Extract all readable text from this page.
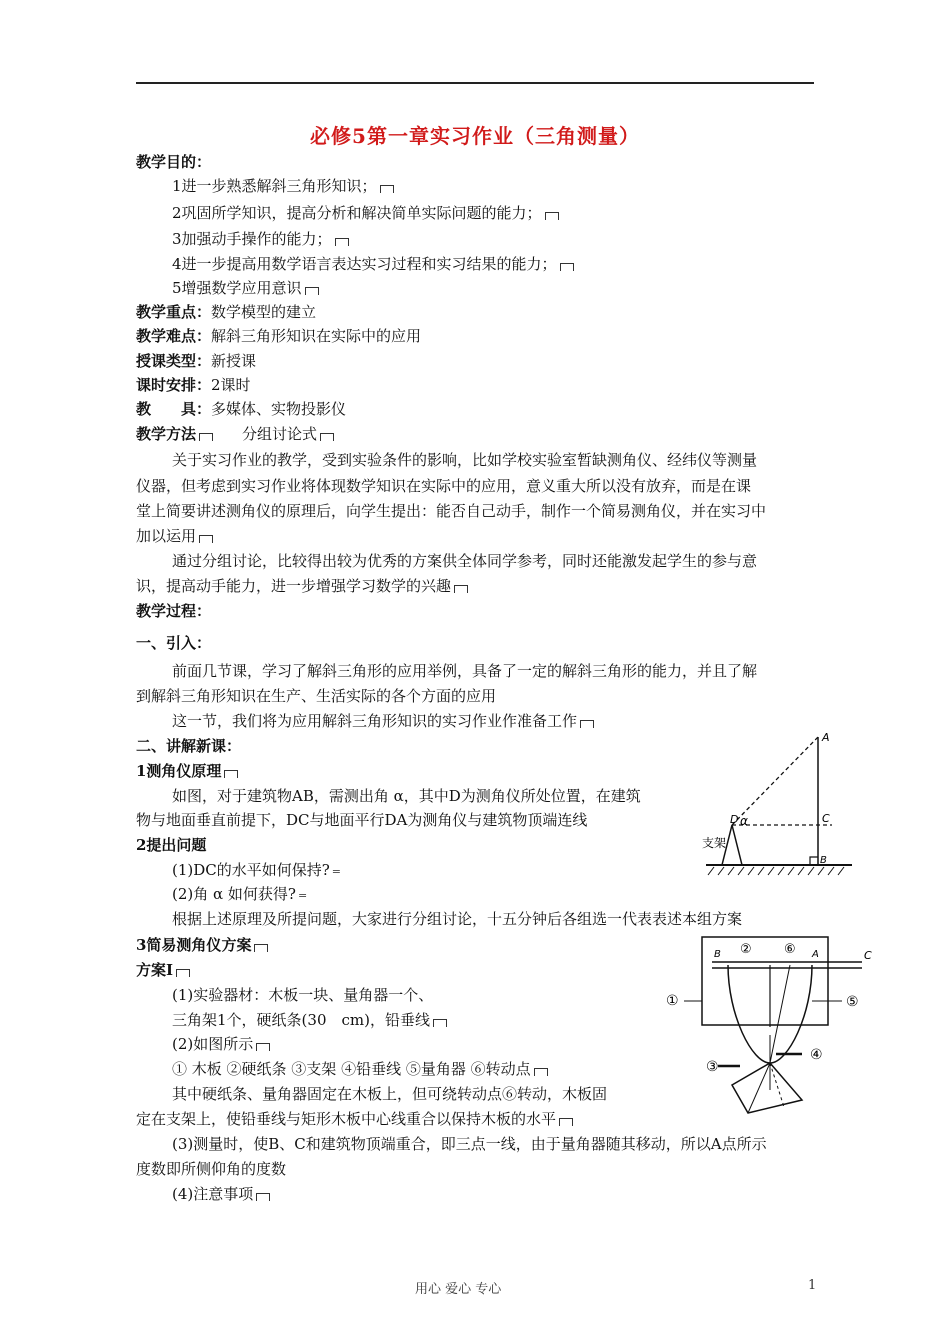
必修5第一章实习作业（三角测量）
教学目的：
1进一步熟悉解斜三角形知识；
2巩固所学知识，提高分析和解决简单实际问题的能力；
3加强动手操作的能力；
4进一步提高用数学语言表达实习过程和实习结果的能力；
5增强数学应用意识
教学重点：数学模型的建立
教学难点：解斜三角形知识在实际中的应用
授课类型：新授课
课时安排：2课时
教　　具：多媒体、实物投影仪
教学方法　	分组讨论式
关于实习作业的教学，受到实验条件的影响，比如学校实验室暂缺测角仪、经纬仪等测量
仪器，但考虑到实习作业将体现数学知识在实际中的应用，意义重大所以没有放弃，而是在课
堂上简要讲述测角仪的原理后，向学生提出：能否自己动手，制作一个简易测角仪，并在实习中
加以运用
通过分组讨论，比较得出较为优秀的方案供全体同学参考，同时还能激发起学生的参与意
识，提高动手能力，进一步增强学习数学的兴趣
教学过程：
一、引入：
前面几节课，学习了解斜三角形的应用举例，具备了一定的解斜三角形的能力，并且了解
到解斜三角形知识在生产、生活实际的各个方面的应用
这一节，我们将为应用解斜三角形知识的实习作业作准备工作
二、讲解新课：
1测角仪原理
如图，对于建筑物AB，需测出角 α，其中D为测角仪所处位置，在建筑
物与地面垂直前提下，DC与地面平行DA为测角仪与建筑物顶端连线
2提出问题
(1)DC的水平如何保持? =
(2)角 α 如何获得? =
根据上述原理及所提问题，大家进行分组讨论，十五分钟后各组选一代表表述本组方案
3简易测角仪方案
方案Ⅰ
(1)实验器材：木板一块、量角器一个、
三角架1个，硬纸条(30　cm)，铅垂线
(2)如图所示
① 木板 ②硬纸条 ③支架 ④铅垂线 ⑤量角器 ⑥转动点
其中硬纸条、量角器固定在木板上，但可绕转动点⑥转动，木板固
定在支架上，使铅垂线与矩形木板中心线重合以保持木板的水平
(3)测量时，使B、C和建筑物顶端重合，即三点一线，由于量角器随其移动，所以A点所示
度数即所侧仰角的度数
(4)注意事项
A
C
D α
B
支架
B	A	C
①
②
③
④
⑤
⑥
用心 爱心 专心	1
